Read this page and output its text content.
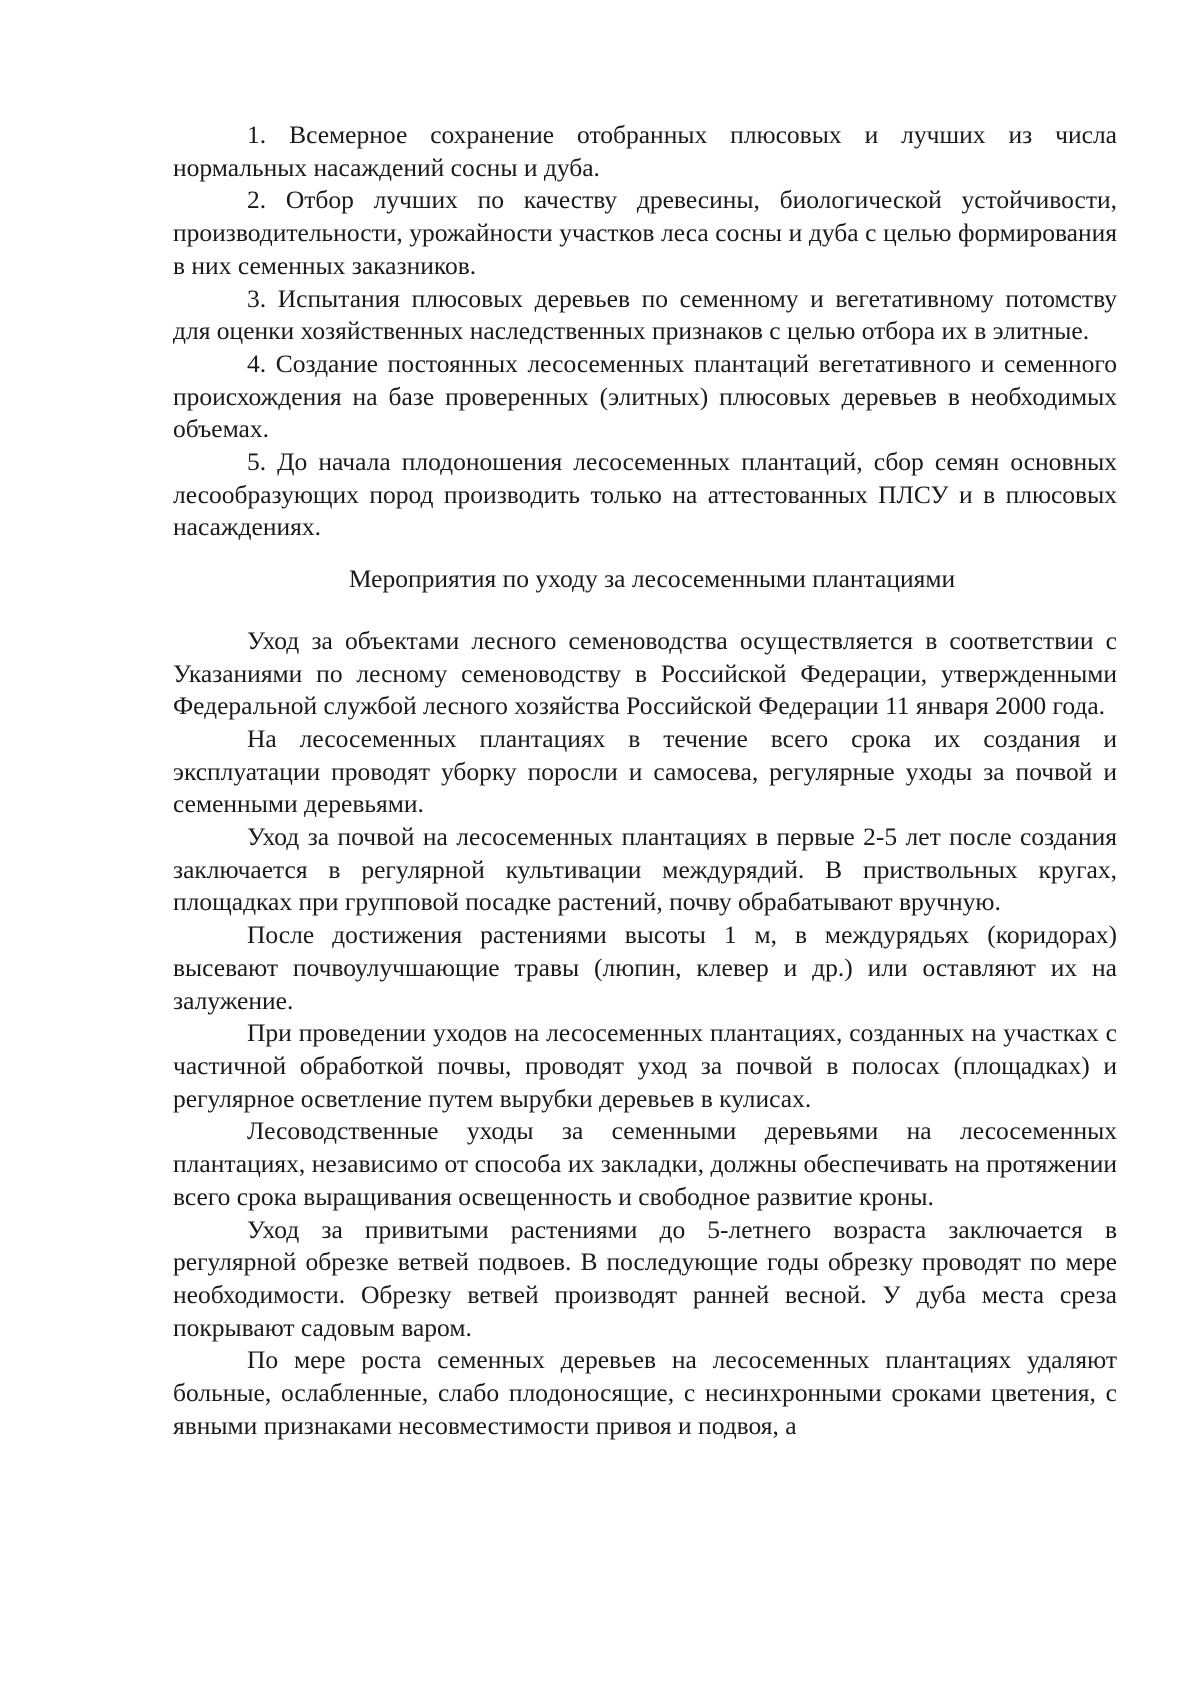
1. Всемерное сохранение отобранных плюсовых и лучших из числа нормальных насаждений сосны и дуба.

2. Отбор лучших по качеству древесины, биологической устойчивости, производительности, урожайности участков леса сосны и дуба с целью формирования в них семенных заказников.

3. Испытания плюсовых деревьев по семенному и вегетативному потомству для оценки хозяйственных наследственных признаков с целью отбора их в элитные.

4. Создание постоянных лесосеменных плантаций вегетативного и семенного происхождения на базе проверенных (элитных) плюсовых деревьев в необходимых объемах.

5. До начала плодоношения лесосеменных плантаций, сбор семян основных лесообразующих пород производить только на аттестованных ПЛСУ и в плюсовых насаждениях.

Мероприятия по уходу за лесосеменными плантациями

Уход за объектами лесного семеноводства осуществляется в соответствии с Указаниями по лесному семеноводству в Российской Федерации, утвержденными Федеральной службой лесного хозяйства Российской Федерации 11 января 2000 года.

На лесосеменных плантациях в течение всего срока их создания и эксплуатации проводят уборку поросли и самосева, регулярные уходы за почвой и семенными деревьями.

Уход за почвой на лесосеменных плантациях в первые 2-5 лет после создания заключается в регулярной культивации междурядий. В приствольных кругах, площадках при групповой посадке растений, почву обрабатывают вручную.

После достижения растениями высоты 1 м, в междурядьях (коридорах) высевают почвоулучшающие травы (люпин, клевер и др.) или оставляют их на залужение.

При проведении уходов на лесосеменных плантациях, созданных на участках с частичной обработкой почвы, проводят уход за почвой в полосах (площадках) и регулярное осветление путем вырубки деревьев в кулисах.

Лесоводственные уходы за семенными деревьями на лесосеменных плантациях, независимо от способа их закладки, должны обеспечивать на протяжении всего срока выращивания освещенность и свободное развитие кроны.

Уход за привитыми растениями до 5-летнего возраста заключается в регулярной обрезке ветвей подвоев. В последующие годы обрезку проводят по мере необходимости. Обрезку ветвей производят ранней весной. У дуба места среза покрывают садовым варом.

По мере роста семенных деревьев на лесосеменных плантациях удаляют больные, ослабленные, слабо плодоносящие, с несинхронными сроками цветения, с явными признаками несовместимости привоя и подвоя, а
